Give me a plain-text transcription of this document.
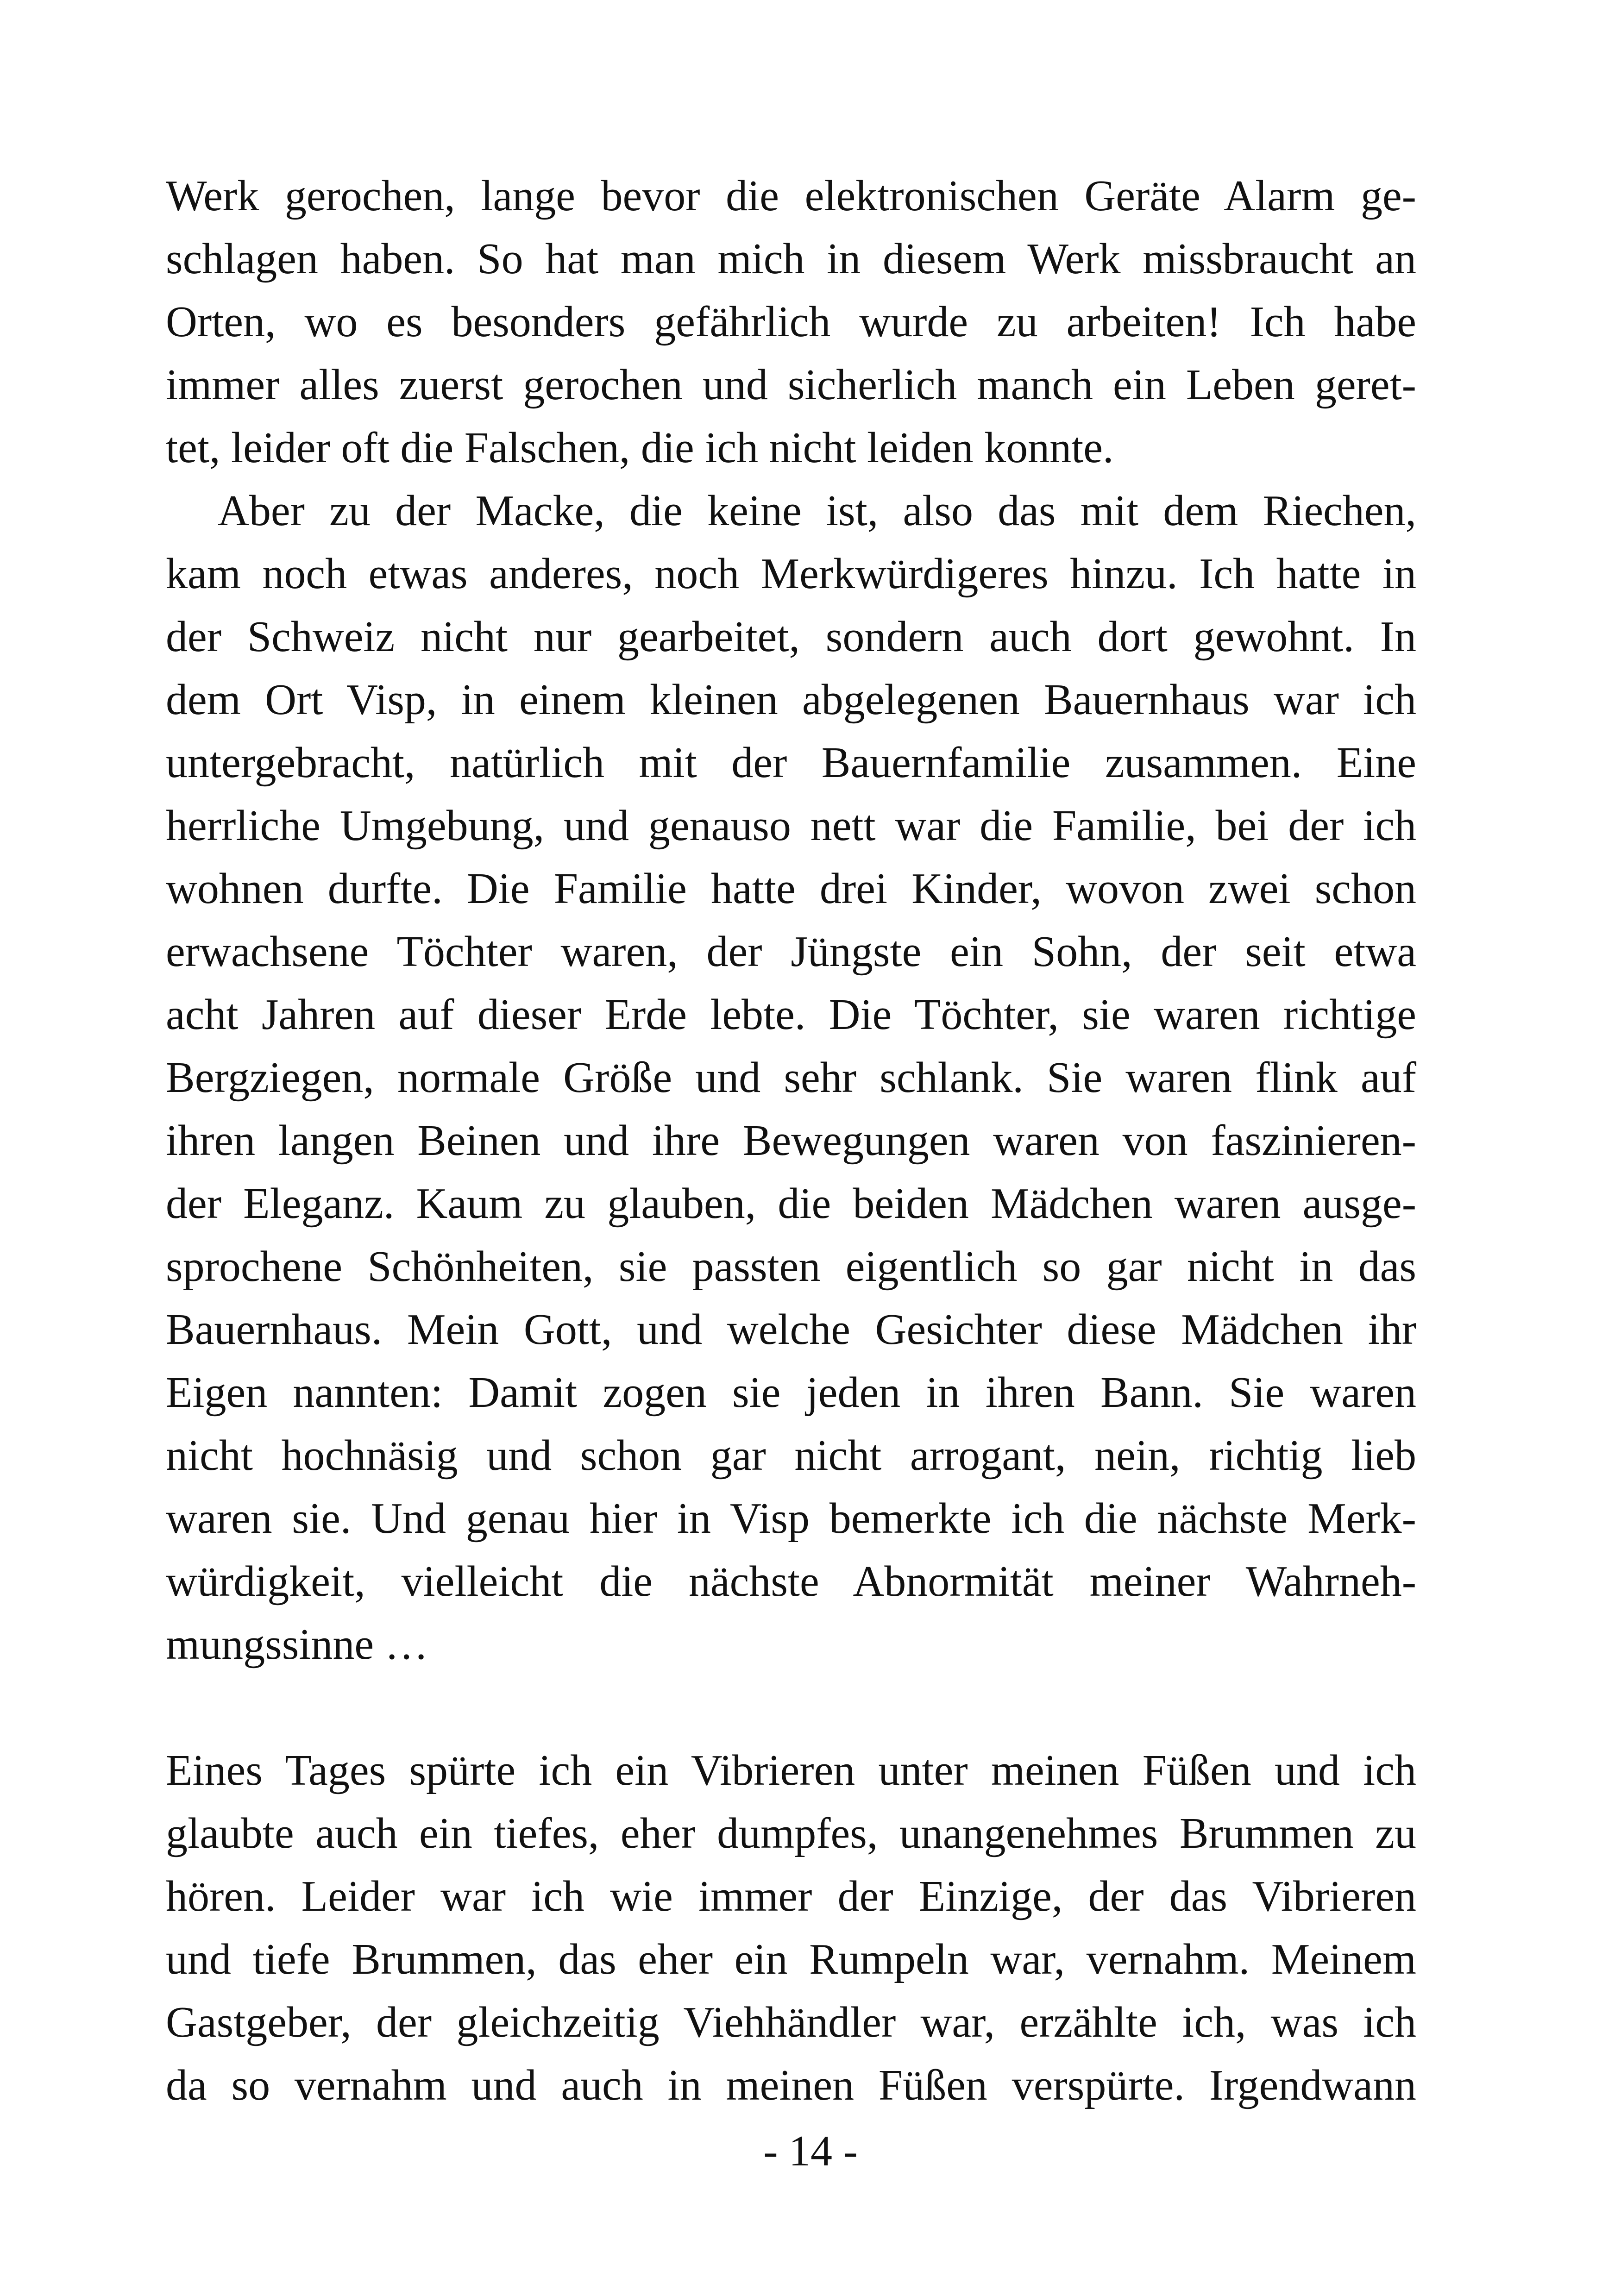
Werk gerochen, lange bevor die elektronischen Geräte Alarm ge-
schlagen haben. So hat man mich in diesem Werk missbraucht an
Orten, wo es besonders gefährlich wurde zu arbeiten! Ich habe
immer alles zuerst gerochen und sicherlich manch ein Leben geret-
tet, leider oft die Falschen, die ich nicht leiden konnte.
Aber zu der Macke, die keine ist, also das mit dem Riechen,
kam noch etwas anderes, noch Merkwürdigeres hinzu. Ich hatte in
der Schweiz nicht nur gearbeitet, sondern auch dort gewohnt. In
dem Ort Visp, in einem kleinen abgelegenen Bauernhaus war ich
untergebracht, natürlich mit der Bauernfamilie zusammen. Eine
herrliche Umgebung, und genauso nett war die Familie, bei der ich
wohnen durfte. Die Familie hatte drei Kinder, wovon zwei schon
erwachsene Töchter waren, der Jüngste ein Sohn, der seit etwa
acht Jahren auf dieser Erde lebte. Die Töchter, sie waren richtige
Bergziegen, normale Größe und sehr schlank. Sie waren flink auf
ihren langen Beinen und ihre Bewegungen waren von faszinieren-
der Eleganz. Kaum zu glauben, die beiden Mädchen waren ausge-
sprochene Schönheiten, sie passten eigentlich so gar nicht in das
Bauernhaus. Mein Gott, und welche Gesichter diese Mädchen ihr
Eigen nannten: Damit zogen sie jeden in ihren Bann. Sie waren
nicht hochnäsig und schon gar nicht arrogant, nein, richtig lieb
waren sie. Und genau hier in Visp bemerkte ich die nächste Merk-
würdigkeit, vielleicht die nächste Abnormität meiner Wahrneh-
mungssinne …
Eines Tages spürte ich ein Vibrieren unter meinen Füßen und ich
glaubte auch ein tiefes, eher dumpfes, unangenehmes Brummen zu
hören. Leider war ich wie immer der Einzige, der das Vibrieren
und tiefe Brummen, das eher ein Rumpeln war, vernahm. Meinem
Gastgeber, der gleichzeitig Viehhändler war, erzählte ich, was ich
da so vernahm und auch in meinen Füßen verspürte. Irgendwann
- 14 -
